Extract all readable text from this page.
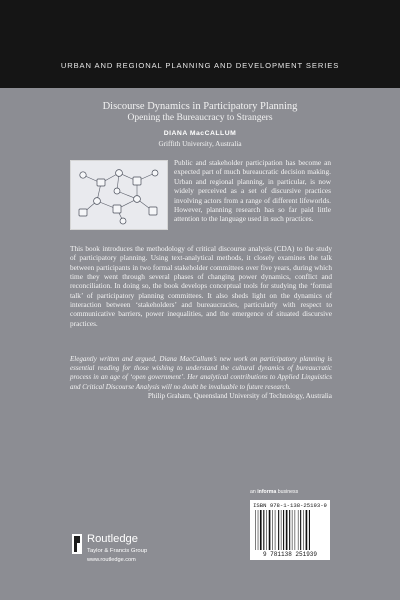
URBAN AND REGIONAL PLANNING AND DEVELOPMENT SERIES
Discourse Dynamics in Participatory Planning
Opening the Bureaucracy to Strangers
DIANA MacCALLUM
Griffith University, Australia
Public and stakeholder participation has become an expected part of much bureaucratic decision making. Urban and regional planning, in particular, is now widely perceived as a set of discursive practices involving actors from a range of different lifeworlds. However, planning research has so far paid little attention to the language used in such practices.
This book introduces the methodology of critical discourse analysis (CDA) to the study of participatory planning. Using text-analytical methods, it closely examines the talk between participants in two formal stakeholder committees over five years, during which time they went through several phases of changing power dynamics, conflict and reconciliation. In doing so, the book develops conceptual tools for studying the ‘formal talk’ of participatory planning committees. It also sheds light on the dynamics of interaction between ‘stakeholders’ and bureaucracies, particularly with respect to communicative barriers, power inequalities, and the emergence of situated discursive practices.
Elegantly written and argued, Diana MacCallum’s new work on participatory planning is essential reading for those wishing to understand the cultural dynamics of bureaucratic process in an age of ‘open government’. Her analytical contributions to Applied Linguistics and Critical Discourse Analysis will no doubt be invaluable to future research.
Philip Graham, Queensland University of Technology, Australia
an informa business
ISBN 978-1-138-25193-9
9 781138 251939
Routledge
Taylor & Francis Group
www.routledge.com
